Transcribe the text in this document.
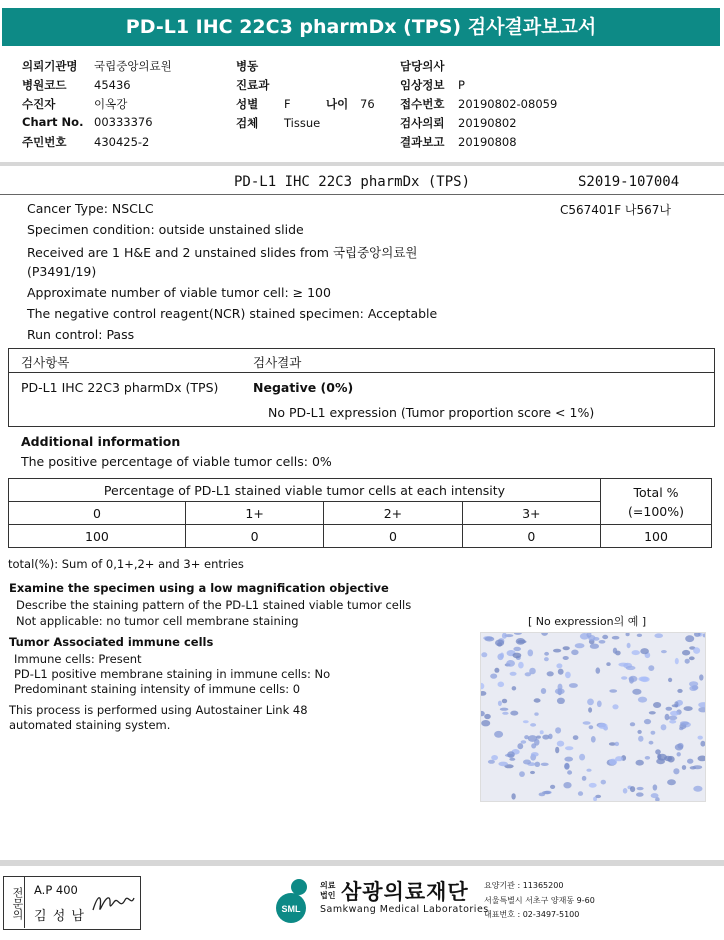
PD-L1 IHC 22C3 pharmDx (TPS) 검사결과보고서
의뢰기관명 국립중앙의료원
병원코드 45436
수진자	이옥강
Chart No. 00333376
주민번호 430425-2
병동
진료과
성별 F	나이 76
검체 Tissue
담당의사
임상정보 P
접수번호 20190802-08059
검사의뢰 20190802
결과보고 20190808
PD-L1 IHC 22C3 pharmDx (TPS)	S2019-107004
C567401F 나567나
Cancer Type: NSCLC
Specimen condition: outside unstained slide
Received are 1 H&E and 2 unstained slides from 국립중앙의료원
(P3491/19)
Approximate number of viable tumor cell: ≥ 100
The negative control reagent(NCR) stained specimen: Acceptable
Run control: Pass
검사항목	검사결과
PD-L1 IHC 22C3 pharmDx (TPS)	Negative (0%)
No PD-L1 expression (Tumor proportion score < 1%)
Additional information
The positive percentage of viable tumor cells: 0%
Percentage of PD-L1 stained viable tumor cells at each intensity				Total %
(=100%)
0	1+	2+	3+	
100	0	0	0	100
total(%): Sum of 0,1+,2+ and 3+ entries
Examine the specimen using a low magnification objective
Describe the staining pattern of the PD-L1 stained viable tumor cells
Not applicable: no tumor cell membrane staining	[ No expression의 예 ]
Tumor Associated immune cells
Immune cells: Present
PD-L1 positive membrane staining in immune cells: No
Predominant staining intensity of immune cells: 0
This process is performed using Autostainer Link 48
automated staining system.
전문의 A.P 400
김 성 남	SML
의료
법인 삼광의료재단
Samkwang Medical Laboratories
요양기관 : 11365200
서울특별시 서초구 양재동 9-60
대표번호 : 02-3497-5100
